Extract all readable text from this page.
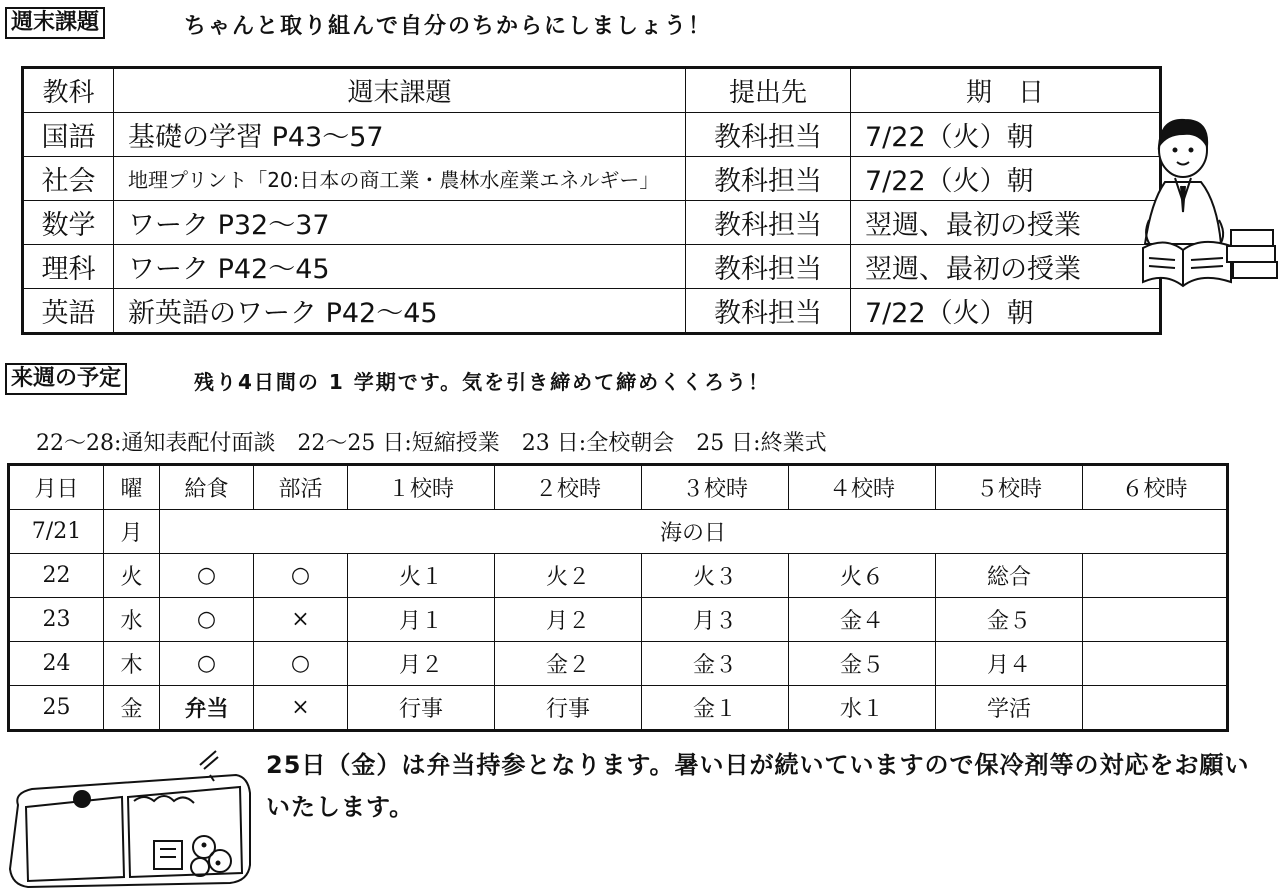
週末課題	ちゃんと取り組んで自分のちからにしましょう！
教科	週末課題	提出先	期　日
国語	基礎の学習 P43～57	教科担当	7/22（火）朝
社会	地理プリント「20:日本の商工業・農林水産業エネルギー」	教科担当	7/22（火）朝
数学	ワーク P32～37	教科担当	翌週、最初の授業
理科	ワーク P42～45	教科担当	翌週、最初の授業
英語	新英語のワーク P42～45	教科担当	7/22（火）朝
来週の予定	残り4日間の 1 学期です。気を引き締めて締めくくろう！
22～28:通知表配付面談　22～25 日:短縮授業　23 日:全校朝会　25 日:終業式
月日	曜	給食	部活	１校時	２校時	３校時	４校時	５校時	６校時
7/21	月	海の日							
22	火	○	○	火１	火２	火３	火６	総合	
23	水	○	×	月１	月２	月３	金４	金５	
24	木	○	○	月２	金２	金３	金５	月４	
25	金	弁当	×	行事	行事	金１	水１	学活	
25日（金）は弁当持参となります。暑い日が続いていますので保冷剤等の対応をお願いいたします。
